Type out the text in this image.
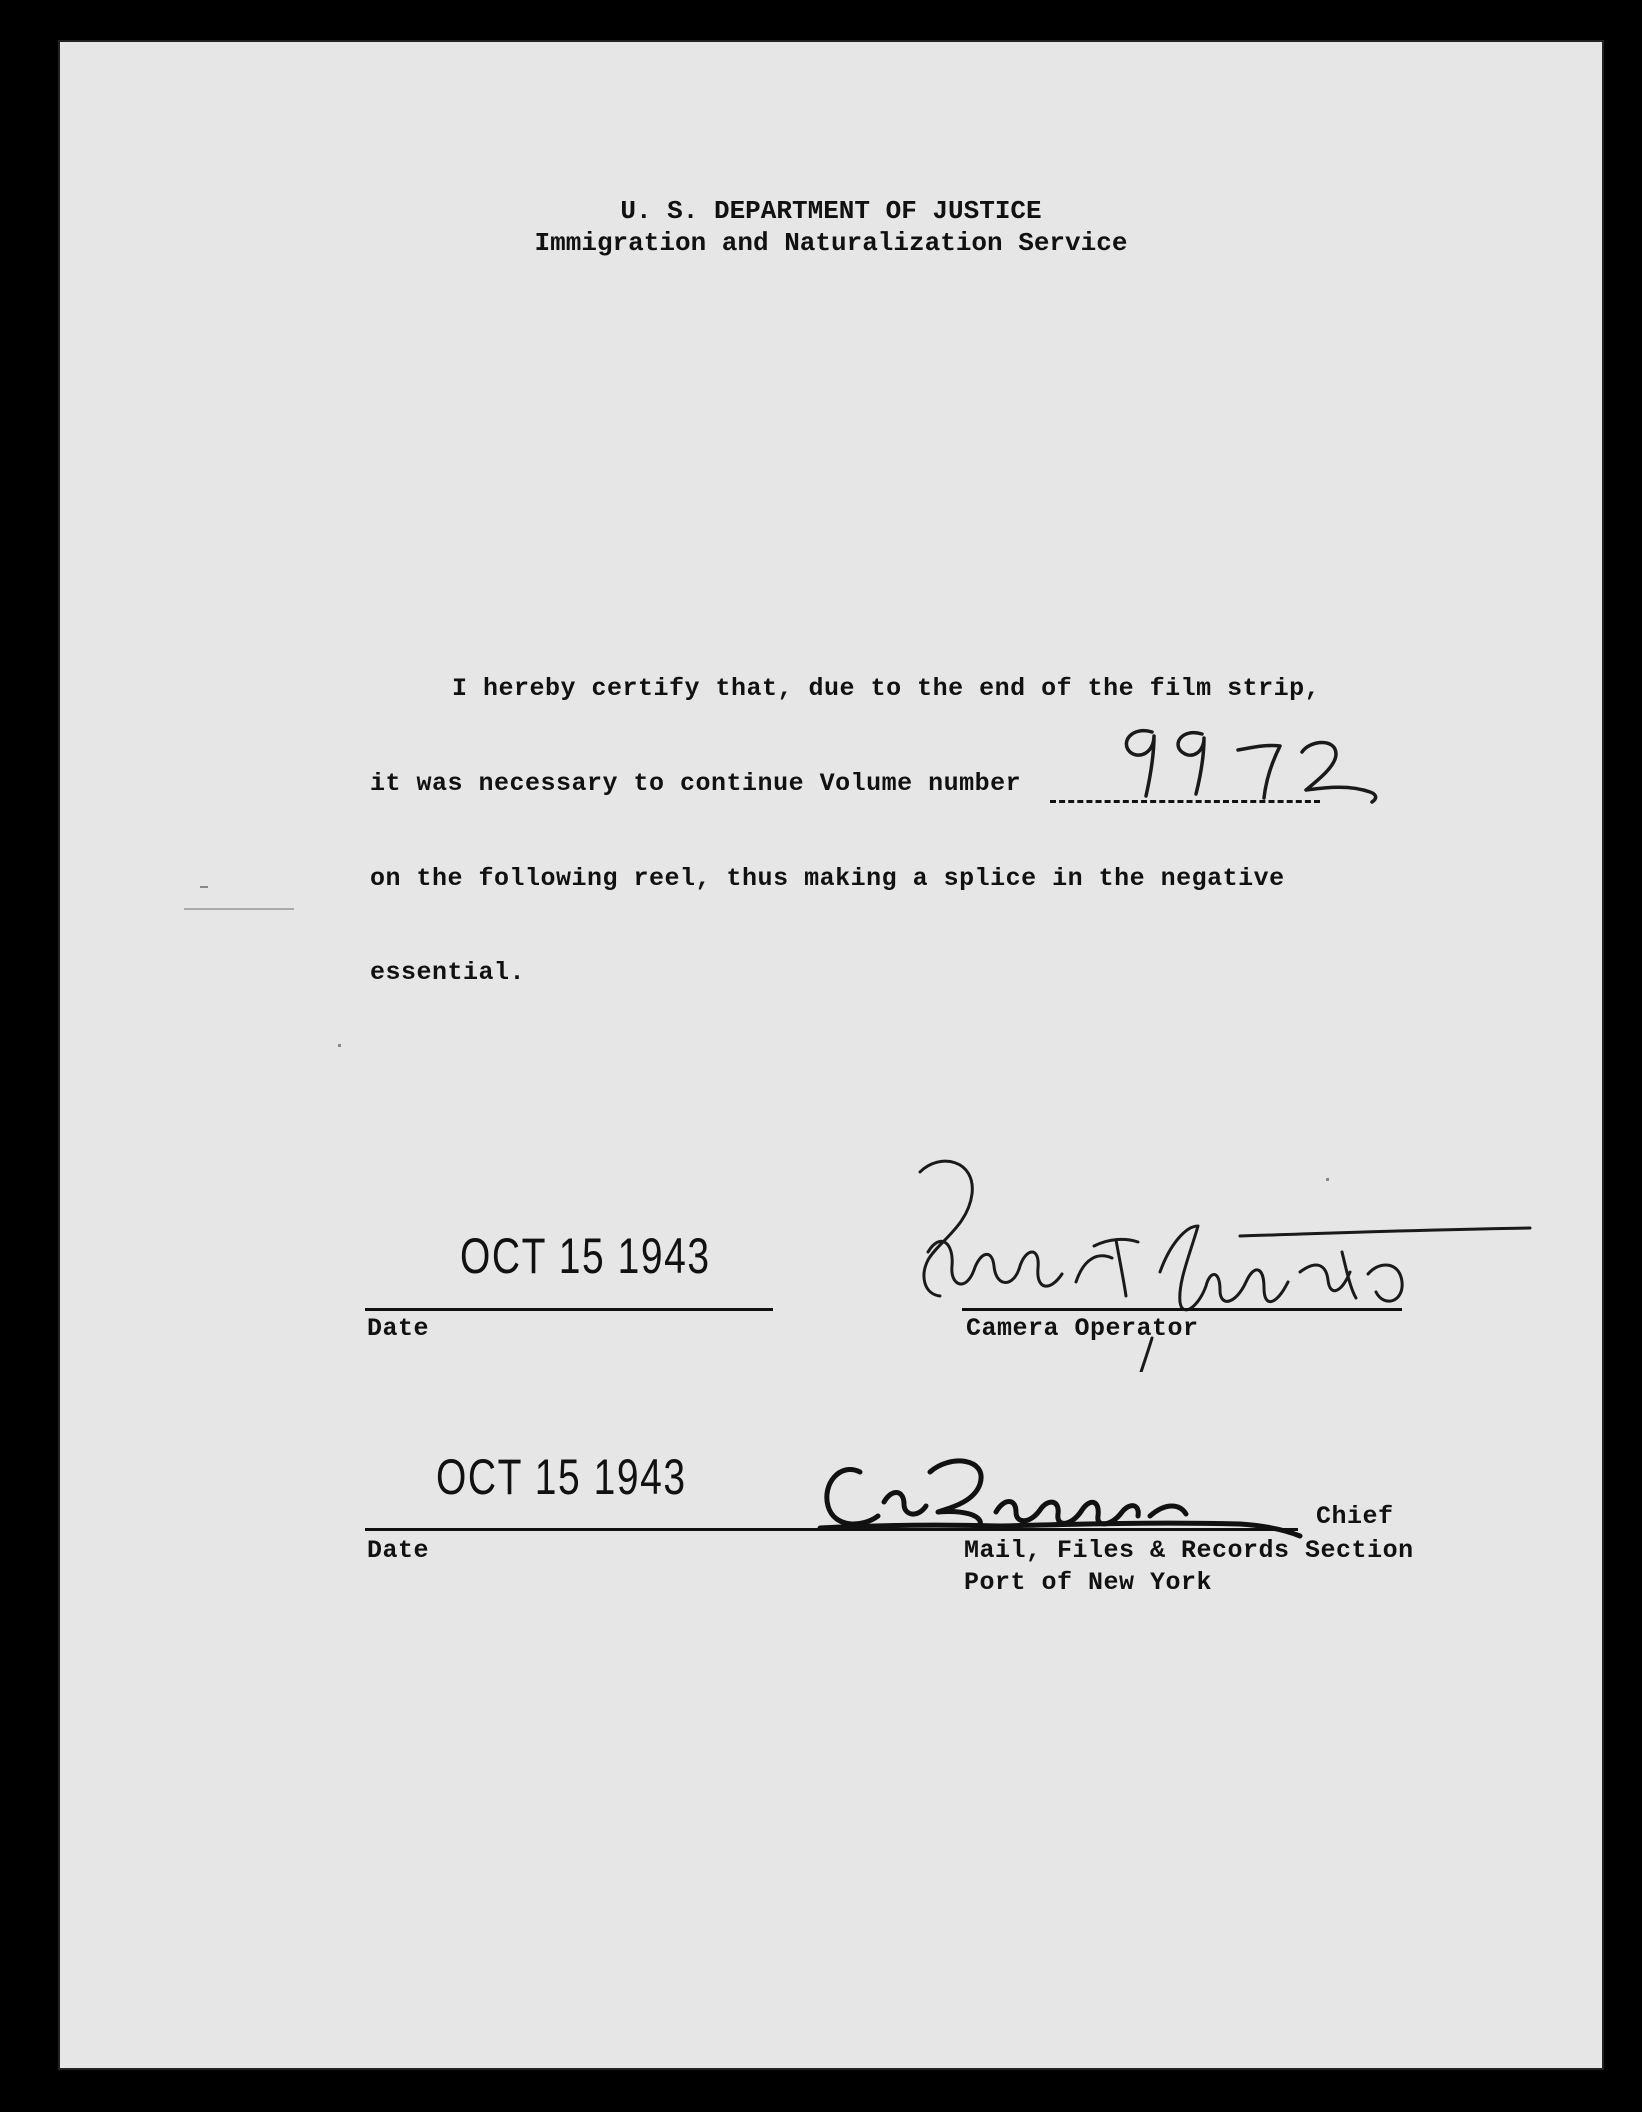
U. S. DEPARTMENT OF JUSTICE
Immigration and Naturalization Service
I hereby certify that, due to the end of the film strip,
it was necessary to continue Volume number
on the following reel, thus making a splice in the negative
essential.
OCT 15 1943
Date	Camera Operator
OCT 15 1943
Date
Chief
Mail, Files & Records Section
Port of New York
